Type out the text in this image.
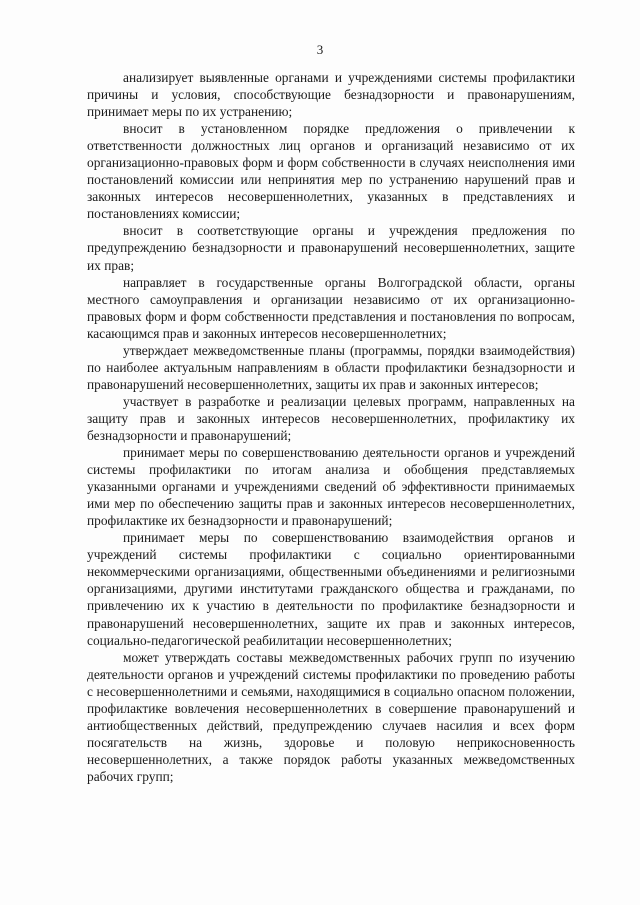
3

анализирует выявленные органами и учреждениями системы профилактики причины и условия, способствующие безнадзорности и правонарушениям, принимает меры по их устранению;

вносит в установленном порядке предложения о привлечении к ответственности должностных лиц органов и организаций независимо от их организационно-правовых форм и форм собственности в случаях неисполнения ими постановлений комиссии или непринятия мер по устранению нарушений прав и законных интересов несовершеннолетних, указанных в представлениях и постановлениях комиссии;

вносит в соответствующие органы и учреждения предложения по предупреждению безнадзорности и правонарушений несовершеннолетних, защите их прав;

направляет в государственные органы Волгоградской области, органы местного самоуправления и организации независимо от их организационно-правовых форм и форм собственности представления и постановления по вопросам, касающимся прав и законных интересов несовершеннолетних;

утверждает межведомственные планы (программы, порядки взаимодействия) по наиболее актуальным направлениям в области профилактики безнадзорности и правонарушений несовершеннолетних, защиты их прав и законных интересов;

участвует в разработке и реализации целевых программ, направленных на защиту прав и законных интересов несовершеннолетних, профилактику их безнадзорности и правонарушений;

принимает меры по совершенствованию деятельности органов и учреждений системы профилактики по итогам анализа и обобщения представляемых указанными органами и учреждениями сведений об эффективности принимаемых ими мер по обеспечению защиты прав и законных интересов несовершеннолетних, профилактике их безнадзорности и правонарушений;

принимает меры по совершенствованию взаимодействия органов и учреждений системы профилактики с социально ориентированными некоммерческими организациями, общественными объединениями и религиозными организациями, другими институтами гражданского общества и гражданами, по привлечению их к участию в деятельности по профилактике безнадзорности и правонарушений несовершеннолетних, защите их прав и законных интересов, социально-педагогической реабилитации несовершеннолетних;

может утверждать составы межведомственных рабочих групп по изучению деятельности органов и учреждений системы профилактики по проведению работы с несовершеннолетними и семьями, находящимися в социально опасном положении, профилактике вовлечения несовершеннолетних в совершение правонарушений и антиобщественных действий, предупреждению случаев насилия и всех форм посягательств на жизнь, здоровье и половую неприкосновенность несовершеннолетних, а также порядок работы указанных межведомственных рабочих групп;
